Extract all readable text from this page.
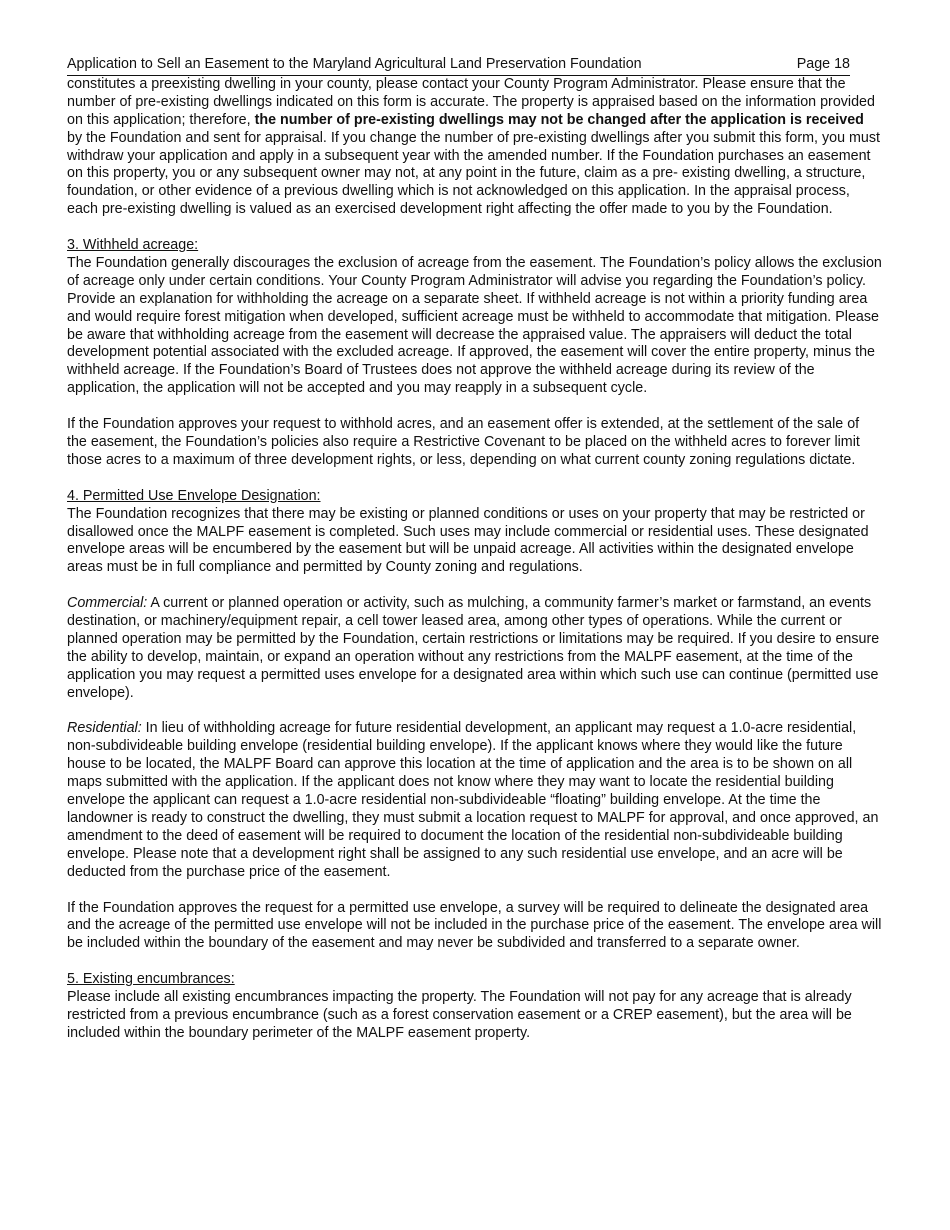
Application to Sell an Easement to the Maryland Agricultural Land Preservation Foundation	Page 18

constitutes a preexisting dwelling in your county, please contact your County Program Administrator. Please ensure that the number of pre-existing dwellings indicated on this form is accurate. The property is appraised based on the information provided on this application; therefore, the number of pre-existing dwellings may not be changed after the application is received by the Foundation and sent for appraisal. If you change the number of pre-existing dwellings after you submit this form, you must withdraw your application and apply in a subsequent year with the amended number. If the Foundation purchases an easement on this property, you or any subsequent owner may not, at any point in the future, claim as a pre- existing dwelling, a structure, foundation, or other evidence of a previous dwelling which is not acknowledged on this application. In the appraisal process, each pre-existing dwelling is valued as an exercised development right affecting the offer made to you by the Foundation.

3. Withheld acreage:

The Foundation generally discourages the exclusion of acreage from the easement. The Foundation’s policy allows the exclusion of acreage only under certain conditions. Your County Program Administrator will advise you regarding the Foundation’s policy. Provide an explanation for withholding the acreage on a separate sheet. If withheld acreage is not within a priority funding area and would require forest mitigation when developed, sufficient acreage must be withheld to accommodate that mitigation. Please be aware that withholding acreage from the easement will decrease the appraised value. The appraisers will deduct the total development potential associated with the excluded acreage. If approved, the easement will cover the entire property, minus the withheld acreage. If the Foundation’s Board of Trustees does not approve the withheld acreage during its review of the application, the application will not be accepted and you may reapply in a subsequent cycle.

If the Foundation approves your request to withhold acres, and an easement offer is extended, at the settlement of the sale of the easement, the Foundation’s policies also require a Restrictive Covenant to be placed on the withheld acres to forever limit those acres to a maximum of three development rights, or less, depending on what current county zoning regulations dictate.

4. Permitted Use Envelope Designation:

The Foundation recognizes that there may be existing or planned conditions or uses on your property that may be restricted or disallowed once the MALPF easement is completed. Such uses may include commercial or residential uses. These designated envelope areas will be encumbered by the easement but will be unpaid acreage. All activities within the designated envelope areas must be in full compliance and permitted by County zoning and regulations.

Commercial: A current or planned operation or activity, such as mulching, a community farmer’s market or farmstand, an events destination, or machinery/equipment repair, a cell tower leased area, among other types of operations. While the current or planned operation may be permitted by the Foundation, certain restrictions or limitations may be required. If you desire to ensure the ability to develop, maintain, or expand an operation without any restrictions from the MALPF easement, at the time of the application you may request a permitted uses envelope for a designated area within which such use can continue (permitted use envelope).

Residential: In lieu of withholding acreage for future residential development, an applicant may request a 1.0-acre residential, non-subdivideable building envelope (residential building envelope). If the applicant knows where they would like the future house to be located, the MALPF Board can approve this location at the time of application and the area is to be shown on all maps submitted with the application. If the applicant does not know where they may want to locate the residential building envelope the applicant can request a 1.0-acre residential non-subdivideable “floating” building envelope. At the time the landowner is ready to construct the dwelling, they must submit a location request to MALPF for approval, and once approved, an amendment to the deed of easement will be required to document the location of the residential non-subdivideable building envelope. Please note that a development right shall be assigned to any such residential use envelope, and an acre will be deducted from the purchase price of the easement.

If the Foundation approves the request for a permitted use envelope, a survey will be required to delineate the designated area and the acreage of the permitted use envelope will not be included in the purchase price of the easement. The envelope area will be included within the boundary of the easement and may never be subdivided and transferred to a separate owner.

5. Existing encumbrances:

Please include all existing encumbrances impacting the property. The Foundation will not pay for any acreage that is already restricted from a previous encumbrance (such as a forest conservation easement or a CREP easement), but the area will be included within the boundary perimeter of the MALPF easement property.
